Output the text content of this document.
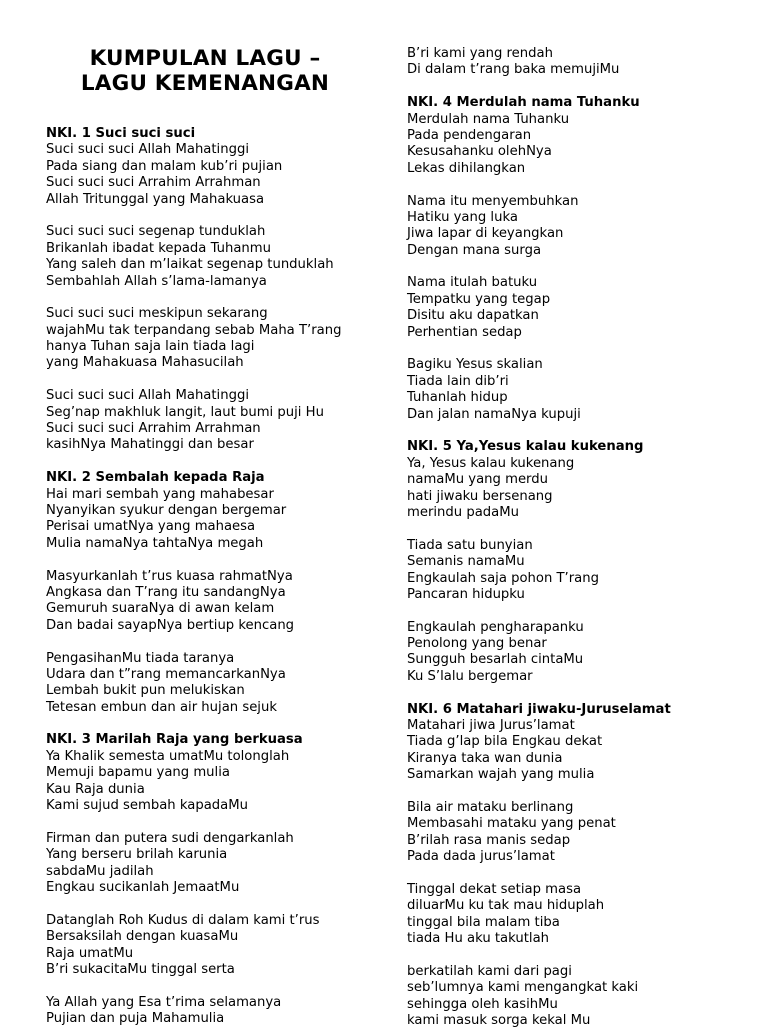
KUMPULAN LAGU –
LAGU KEMENANGAN
NKI. 1 Suci suci suci
Suci suci suci Allah Mahatinggi
Pada siang dan malam kub’ri pujian
Suci suci suci Arrahim Arrahman
Allah Tritunggal yang Mahakuasa
Suci suci suci segenap tunduklah
Brikanlah ibadat kepada Tuhanmu
Yang saleh dan m’laikat segenap tunduklah
Sembahlah Allah s’lama-lamanya
Suci suci suci meskipun sekarang
wajahMu tak terpandang sebab Maha T’rang
hanya Tuhan saja lain tiada lagi
yang Mahakuasa Mahasucilah
Suci suci suci Allah Mahatinggi
Seg’nap makhluk langit, laut bumi puji Hu
Suci suci suci Arrahim Arrahman
kasihNya Mahatinggi dan besar
NKI. 2 Sembalah kepada Raja
Hai mari sembah yang mahabesar
Nyanyikan syukur dengan bergemar
Perisai umatNya yang mahaesa
Mulia namaNya tahtaNya megah
Masyurkanlah t’rus kuasa rahmatNya
Angkasa dan T’rang itu sandangNya
Gemuruh suaraNya di awan kelam
Dan badai sayapNya bertiup kencang
PengasihanMu tiada taranya
Udara dan t”rang memancarkanNya
Lembah bukit pun melukiskan
Tetesan embun dan air hujan sejuk
NKI. 3 Marilah Raja yang berkuasa
Ya Khalik semesta umatMu tolonglah
Memuji bapamu yang mulia
Kau Raja dunia
Kami sujud sembah kapadaMu
Firman dan putera sudi dengarkanlah
Yang berseru brilah karunia
sabdaMu jadilah
Engkau sucikanlah JemaatMu
Datanglah Roh Kudus di dalam kami t’rus
Bersaksilah dengan kuasaMu
Raja umatMu
B’ri sukacitaMu tinggal serta
Ya Allah yang Esa t’rima selamanya
Pujian dan puja Mahamulia
B’ri kami yang rendah
Di dalam t’rang baka memujiMu
NKI. 4 Merdulah nama Tuhanku
Merdulah nama Tuhanku
Pada pendengaran
Kesusahanku olehNya
Lekas dihilangkan
Nama itu menyembuhkan
Hatiku yang luka
Jiwa lapar di keyangkan
Dengan mana surga
Nama itulah batuku
Tempatku yang tegap
Disitu aku dapatkan
Perhentian sedap
Bagiku Yesus skalian
Tiada lain dib’ri
Tuhanlah hidup
Dan jalan namaNya kupuji
NKI. 5 Ya,Yesus kalau kukenang
Ya, Yesus kalau kukenang
namaMu yang merdu
hati jiwaku bersenang
merindu padaMu
Tiada satu bunyian
Semanis namaMu
Engkaulah saja pohon T’rang
Pancaran hidupku
Engkaulah pengharapanku
Penolong yang benar
Sungguh besarlah cintaMu
Ku S’lalu bergemar
NKI. 6 Matahari jiwaku-Juruselamat
Matahari jiwa Jurus’lamat
Tiada g’lap bila Engkau dekat
Kiranya taka wan dunia
Samarkan wajah yang mulia
Bila air mataku berlinang
Membasahi mataku yang penat
B’rilah rasa manis sedap
Pada dada jurus’lamat
Tinggal dekat setiap masa
diluarMu ku tak mau hiduplah
tinggal bila malam tiba
tiada Hu aku takutlah
berkatilah kami dari pagi
seb’lumnya kami mengangkat kaki
sehingga oleh kasihMu
kami masuk sorga kekal Mu
